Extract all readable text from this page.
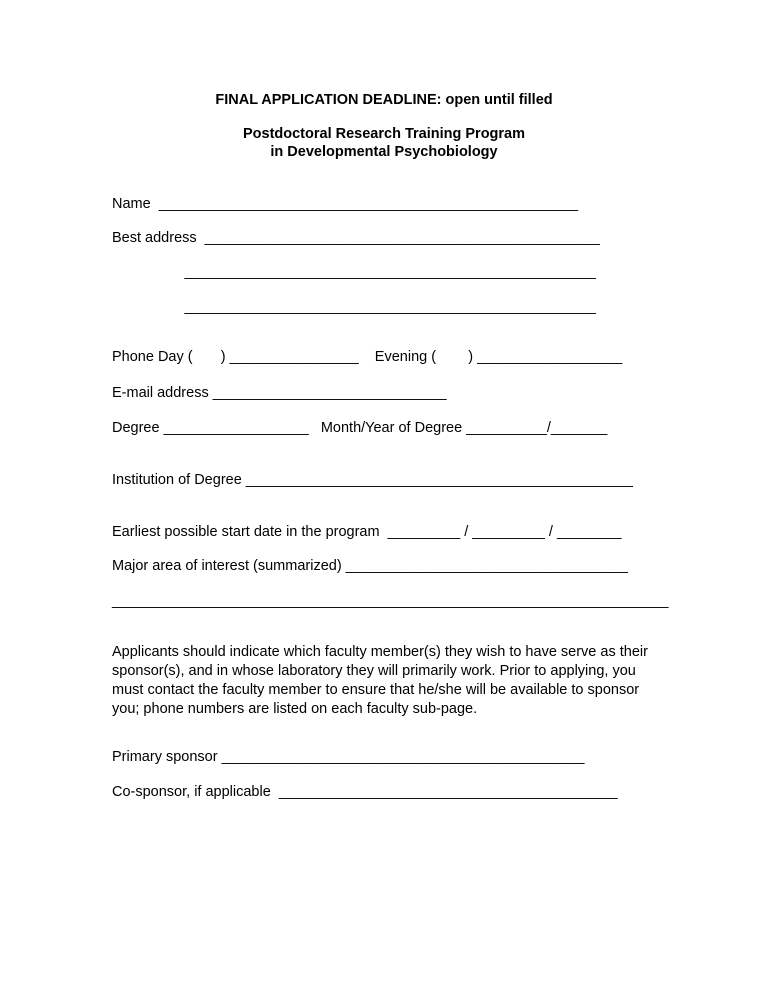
FINAL APPLICATION DEADLINE: open until filled
Postdoctoral Research Training Program
in Developmental Psychobiology
Name  ____________________________________________________
Best address  _________________________________________________
___________________________________________________
___________________________________________________
Phone Day (       ) ________________    Evening (        ) __________________
E-mail address _____________________________
Degree __________________   Month/Year of Degree __________/_______
Institution of Degree ________________________________________________
Earliest possible start date in the program  _________ / _________ / ________
Major area of interest (summarized) ___________________________________
_____________________________________________________________________
Applicants should indicate which faculty member(s) they wish to have serve as their sponsor(s), and in whose laboratory they will primarily work. Prior to applying, you must contact the faculty member to ensure that he/she will be available to sponsor you; phone numbers are listed on each faculty sub-page.
Primary sponsor _____________________________________________
Co-sponsor, if applicable  __________________________________________
